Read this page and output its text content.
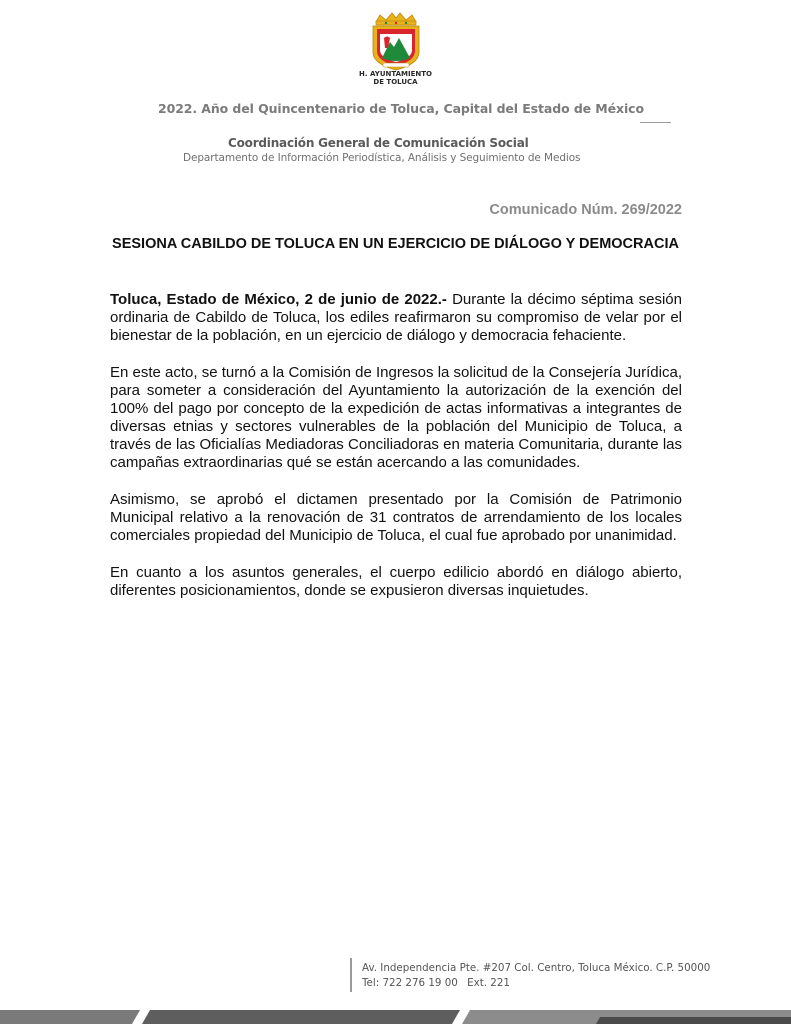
H. AYUNTAMIENTO
DE TOLUCA
2022. Año del Quincentenario de Toluca, Capital del Estado de México
Coordinación General de Comunicación Social
Departamento de Información Periodística, Análisis y Seguimiento de Medios
Comunicado Núm. 269/2022
SESIONA CABILDO DE TOLUCA EN UN EJERCICIO DE DIÁLOGO Y DEMOCRACIA

Toluca, Estado de México, 2 de junio de 2022.- Durante la décimo séptima sesión ordinaria de Cabildo de Toluca, los ediles reafirmaron su compromiso de velar por el bienestar de la población, en un ejercicio de diálogo y democracia fehaciente.

En este acto, se turnó a la Comisión de Ingresos la solicitud de la Consejería Jurídica, para someter a consideración del Ayuntamiento la autorización de la exención del 100% del pago por concepto de la expedición de actas informativas a integrantes de diversas etnias y sectores vulnerables de la población del Municipio de Toluca, a través de las Oficialías Mediadoras Conciliadoras en materia Comunitaria, durante las campañas extraordinarias qué se están acercando a las comunidades.

Asimismo, se aprobó el dictamen presentado por la Comisión de Patrimonio Municipal relativo a la renovación de 31 contratos de arrendamiento de los locales comerciales propiedad del Municipio de Toluca, el cual fue aprobado por unanimidad.

En cuanto a los asuntos generales, el cuerpo edilicio abordó en diálogo abierto, diferentes posicionamientos, donde se expusieron diversas inquietudes.

Av. Independencia Pte. #207 Col. Centro, Toluca México. C.P. 50000
Tel: 722 276 19 00 Ext. 221
